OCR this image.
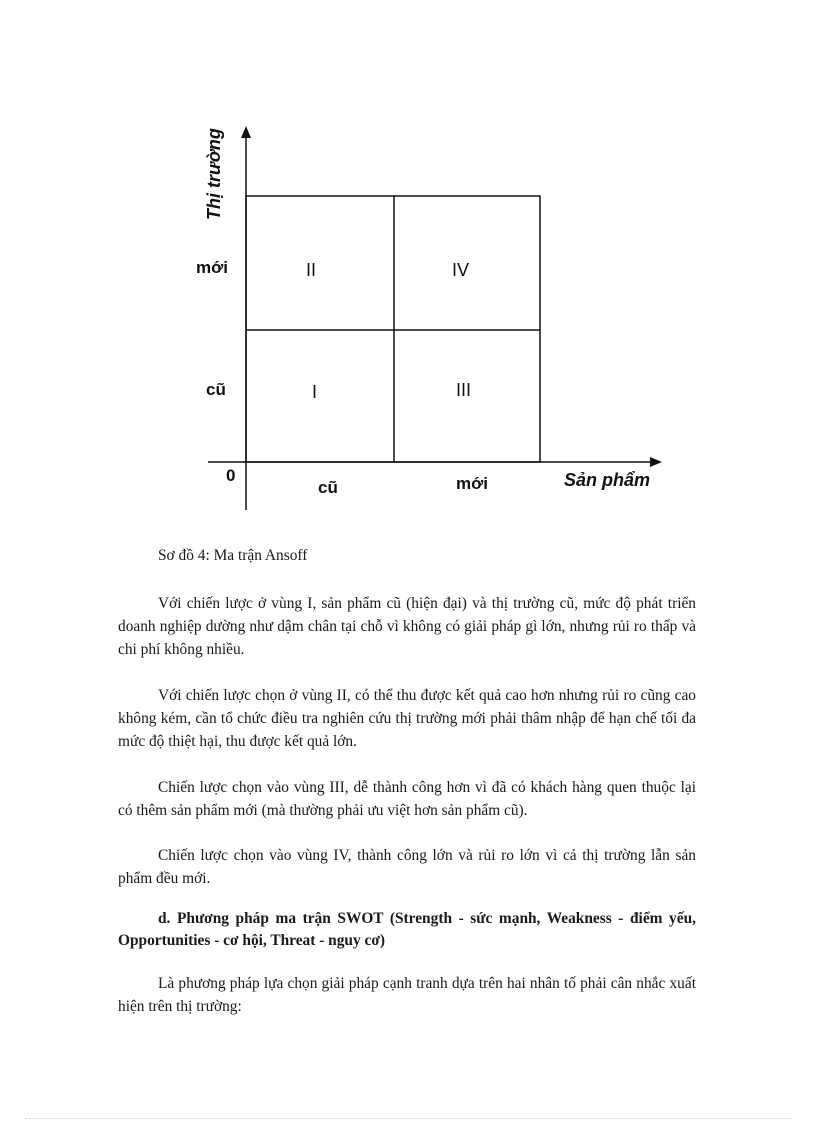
Thị trường
Sản phẩm
0
mới
cũ
cũ	mới
II	IV
I	III
Sơ đồ 4: Ma trận Ansoff

Với chiến lược ở vùng I, sản phẩm cũ (hiện đại) và thị trường cũ, mức độ phát triển doanh nghiệp dường như dậm chân tại chỗ vì không có giải pháp gì lớn, nhưng rủi ro thấp và chi phí không nhiều.

Với chiến lược chọn ở vùng II, có thể thu được kết quả cao hơn nhưng rủi ro cũng cao không kém, cần tổ chức điều tra nghiên cứu thị trường mới phải thâm nhập để hạn chế tối đa mức độ thiệt hại, thu được kết quả lớn.

Chiến lược chọn vào vùng III, dễ thành công hơn vì đã có khách hàng quen thuộc lại có thêm sản phẩm mới (mà thường phải ưu việt hơn sản phẩm cũ).

Chiến lược chọn vào vùng IV, thành công lớn và rủi ro lớn vì cả thị trường lẫn sản phẩm đều mới.

d. Phương pháp ma trận SWOT (Strength - sức mạnh, Weakness - điểm yếu, Opportunities - cơ hội, Threat - nguy cơ)

Là phương pháp lựa chọn giải pháp cạnh tranh dựa trên hai nhân tố phải cân nhắc xuất hiện trên thị trường:
